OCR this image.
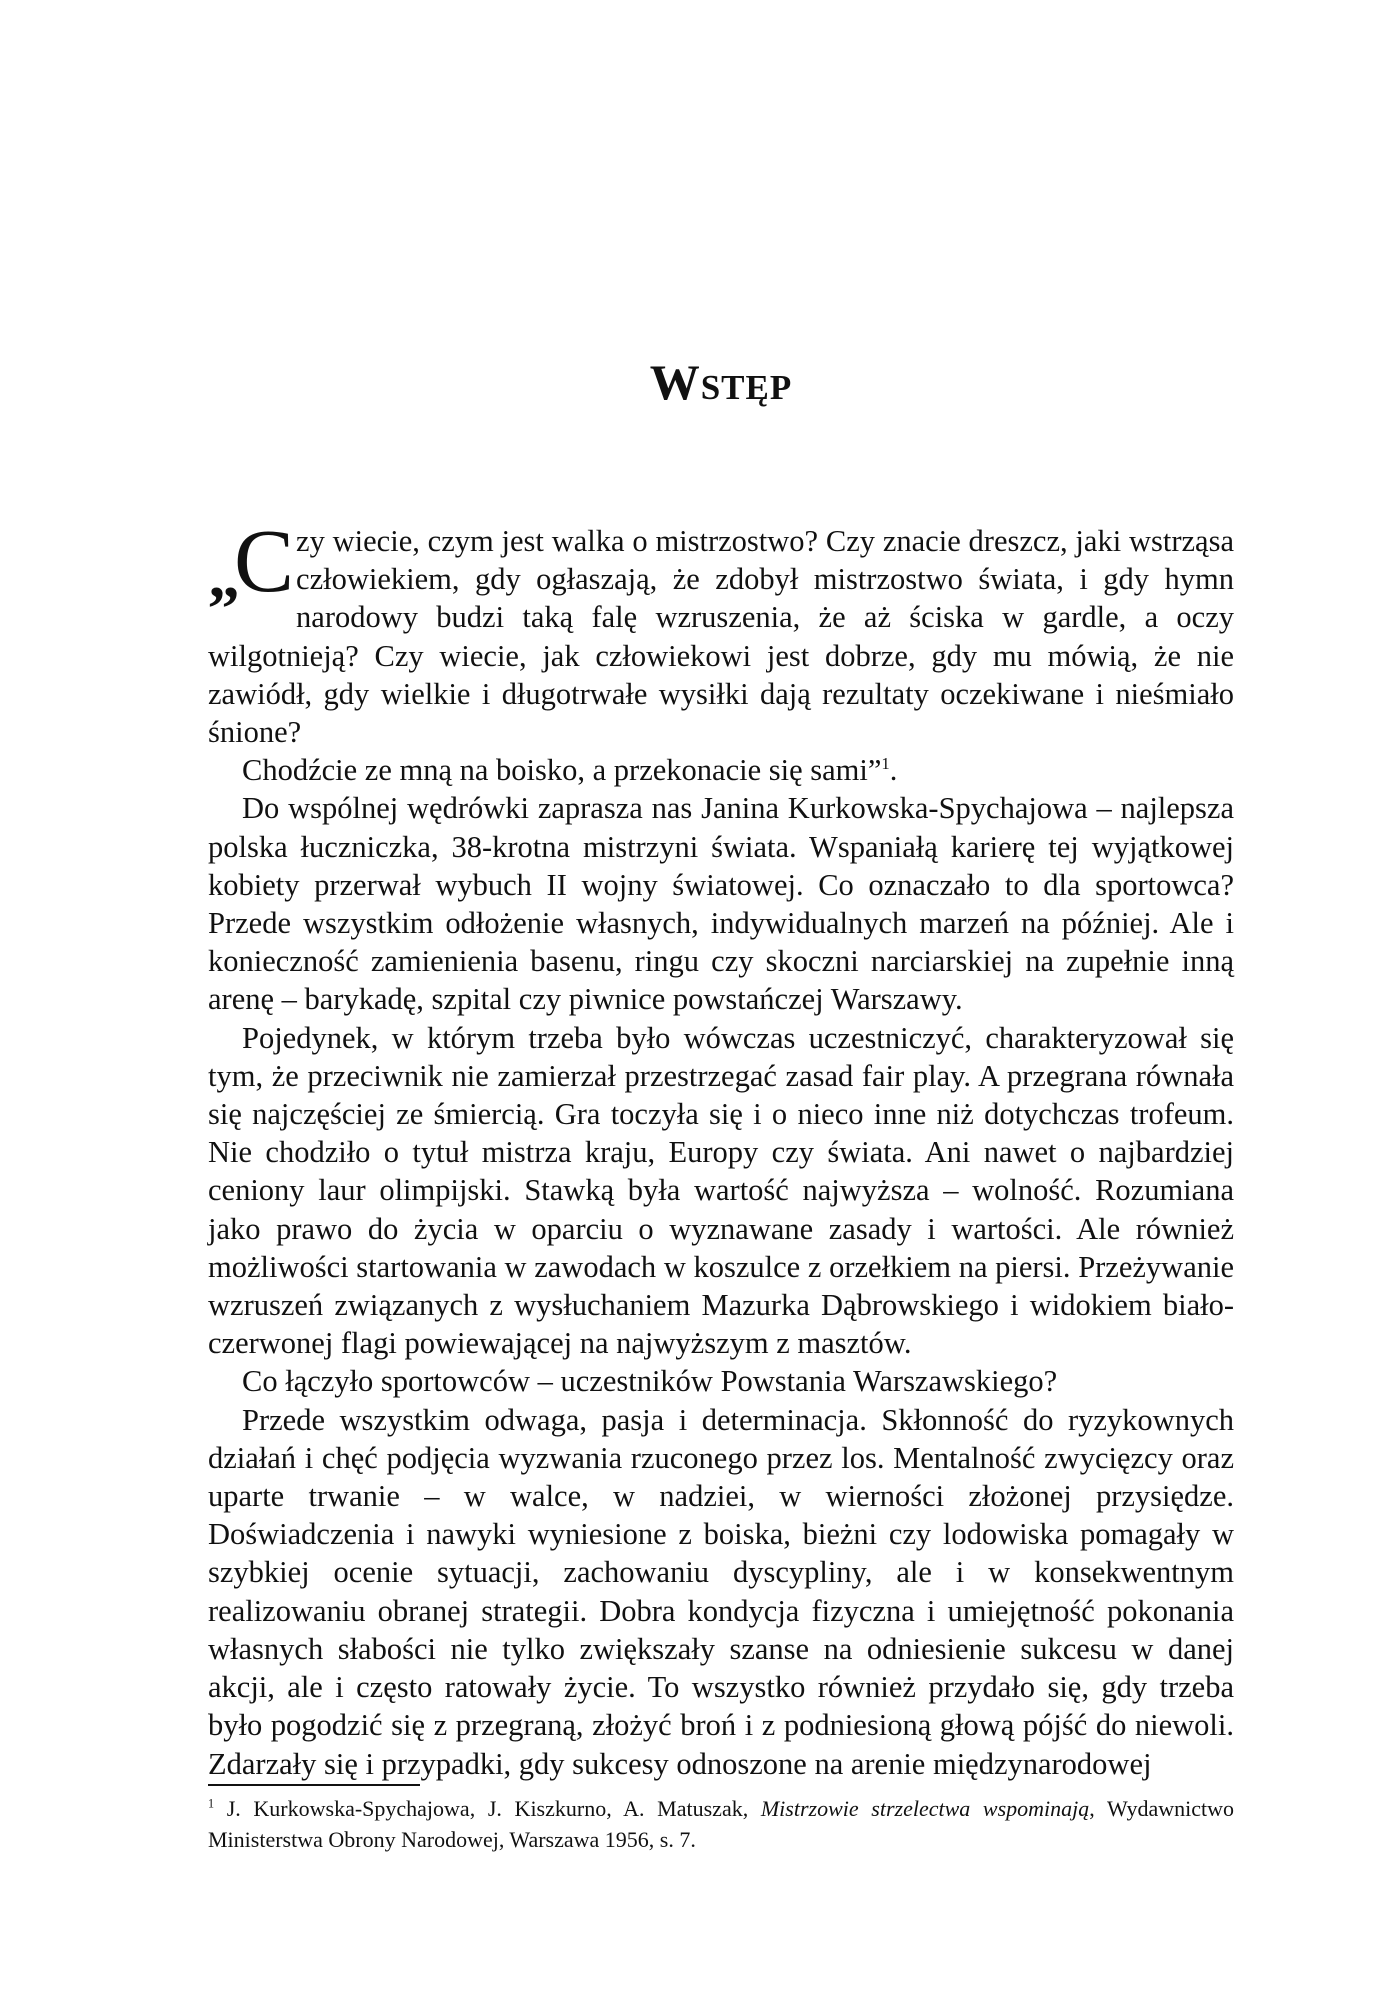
Wstęp

„ C zy wiecie, czym jest walka o mistrzostwo? Czy znacie dreszcz, jaki wstrząsa człowiekiem, gdy ogłaszają, że zdobył mistrzostwo świata, i gdy hymn narodowy budzi taką falę wzruszenia, że aż ściska w gardle, a oczy wilgotnieją? Czy wiecie, jak człowiekowi jest dobrze, gdy mu mówią, że nie zawiódł, gdy wielkie i długotrwałe wysiłki dają rezultaty oczekiwane i nieśmiało śnione?

Chodźcie ze mną na boisko, a przekonacie się sami”$^1$.

Do wspólnej wędrówki zaprasza nas Janina Kurkowska-Spychajowa – najlepsza polska łuczniczka, 38-krotna mistrzyni świata. Wspaniałą karierę tej wyjątkowej kobiety przerwał wybuch II wojny światowej. Co oznaczało to dla sportowca? Przede wszystkim odłożenie własnych, indywidualnych marzeń na później. Ale i konieczność zamienienia basenu, ringu czy skoczni narciarskiej na zupełnie inną arenę – barykadę, szpital czy piwnice powstańczej Warszawy.

Pojedynek, w którym trzeba było wówczas uczestniczyć, charakteryzował się tym, że przeciwnik nie zamierzał przestrzegać zasad fair play. A przegrana równała się najczęściej ze śmiercią. Gra toczyła się i o nieco inne niż dotychczas trofeum. Nie chodziło o tytuł mistrza kraju, Europy czy świata. Ani nawet o najbardziej ceniony laur olimpijski. Stawką była wartość najwyższa – wolność. Rozumiana jako prawo do życia w oparciu o wyznawane zasady i wartości. Ale również możliwości startowania w zawodach w koszulce z orzełkiem na piersi. Przeżywanie wzruszeń związanych z wysłuchaniem Mazurka Dąbrowskiego i widokiem biało-czerwonej flagi powiewającej na najwyższym z masztów.

Co łączyło sportowców – uczestników Powstania Warszawskiego?

Przede wszystkim odwaga, pasja i determinacja. Skłonność do ryzykownych działań i chęć podjęcia wyzwania rzuconego przez los. Mentalność zwycięzcy oraz uparte trwanie – w walce, w nadziei, w wierności złożonej przysiędze. Doświadczenia i nawyki wyniesione z boiska, bieżni czy lodowiska pomagały w szybkiej ocenie sytuacji, zachowaniu dyscypliny, ale i w konsekwentnym realizowaniu obranej strategii. Dobra kondycja fizyczna i umiejętność pokonania własnych słabości nie tylko zwiększały szanse na odniesienie sukcesu w danej akcji, ale i często ratowały życie. To wszystko również przydało się, gdy trzeba było pogodzić się z przegraną, złożyć broń i z podniesioną głową pójść do niewoli. Zdarzały się i przypadki, gdy sukcesy odnoszone na arenie międzynarodowej

$^1$ J. Kurkowska-Spychajowa, J. Kiszkurno, A. Matuszak, Mistrzowie strzelectwa wspominają, Wydawnictwo Ministerstwa Obrony Narodowej, Warszawa 1956, s. 7.
